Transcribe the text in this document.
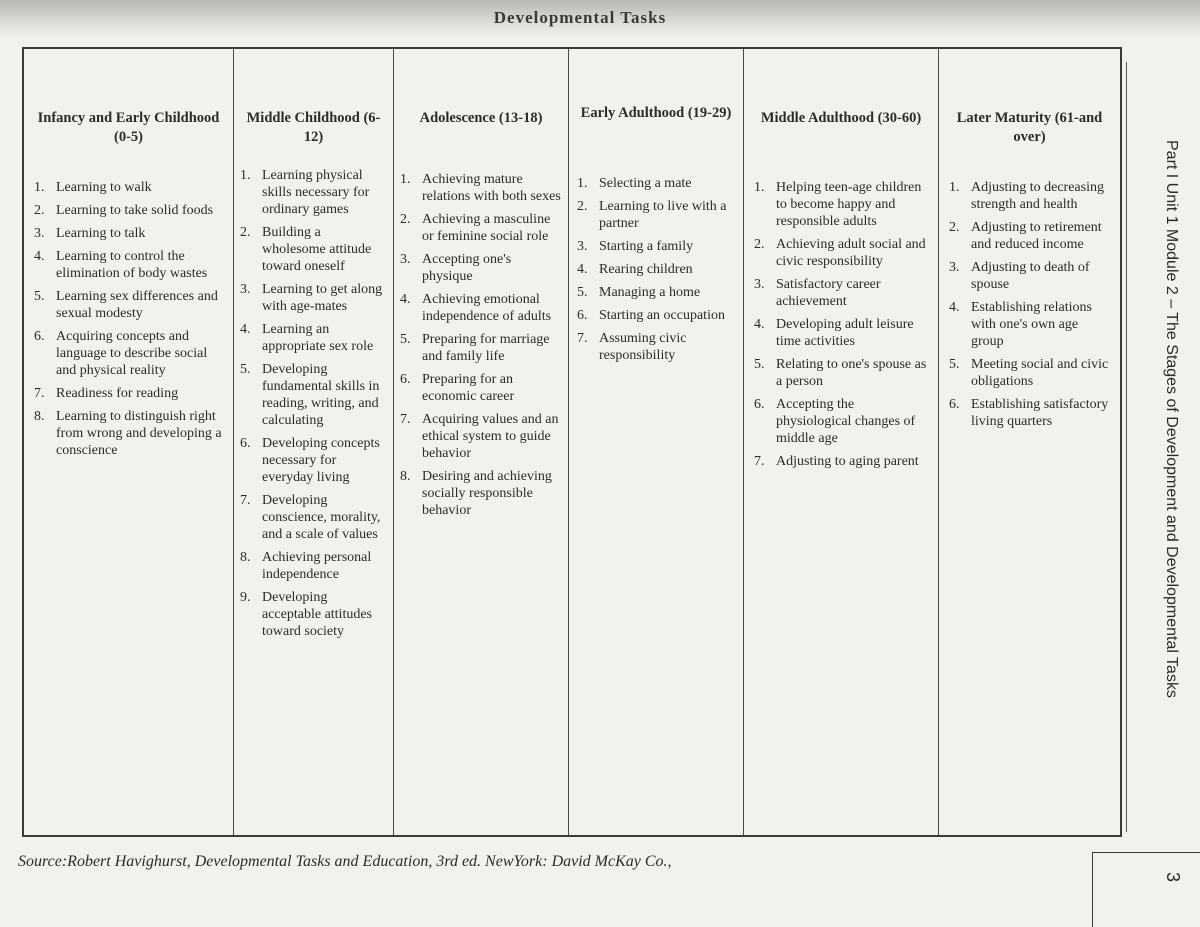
Developmental Tasks
Infancy and Early Childhood (0-5)
1. Learning to walk
2. Learning to take solid foods
3. Learning to talk
4. Learning to control the elimination of body wastes
5. Learning sex differences and sexual modesty
6. Acquiring concepts and language to describe social and physical reality
7. Readiness for reading
8. Learning to distinguish right from wrong and developing a conscience
Middle Childhood (6-12)
1. Learning physical skills necessary for ordinary games
2. Building a wholesome attitude toward oneself
3. Learning to get along with age-mates
4. Learning an appropriate sex role
5. Developing fundamental skills in reading, writing, and calculating
6. Developing concepts necessary for everyday living
7. Developing conscience, morality, and a scale of values
8. Achieving personal independence
9. Developing acceptable attitudes toward society
Adolescence (13-18)
1. Achieving mature relations with both sexes
2. Achieving a masculine or feminine social role
3. Accepting one's physique
4. Achieving emotional independence of adults
5. Preparing for marriage and family life
6. Preparing for an economic career
7. Acquiring values and an ethical system to guide behavior
8. Desiring and achieving socially responsible behavior
Early Adulthood (19-29)
1. Selecting a mate
2. Learning to live with a partner
3. Starting a family
4. Rearing children
5. Managing a home
6. Starting an occupation
7. Assuming civic responsibility
Middle Adulthood (30-60)
1. Helping teen-age children to become happy and responsible adults
2. Achieving adult social and civic responsibility
3. Satisfactory career achievement
4. Developing adult leisure time activities
5. Relating to one's spouse as a person
6. Accepting the physiological changes of middle age
7. Adjusting to aging parent
Later Maturity (61-and over)
1. Adjusting to decreasing strength and health
2. Adjusting to retirement and reduced income
3. Adjusting to death of spouse
4. Establishing relations with one's own age group
5. Meeting social and civic obligations
6. Establishing satisfactory living quarters	Part I Unit 1 Module 2 – The Stages of Development and Developmental Tasks
Source:Robert Havighurst, Developmental Tasks and Education, 3rd ed. NewYork: David McKay Co.,
3
